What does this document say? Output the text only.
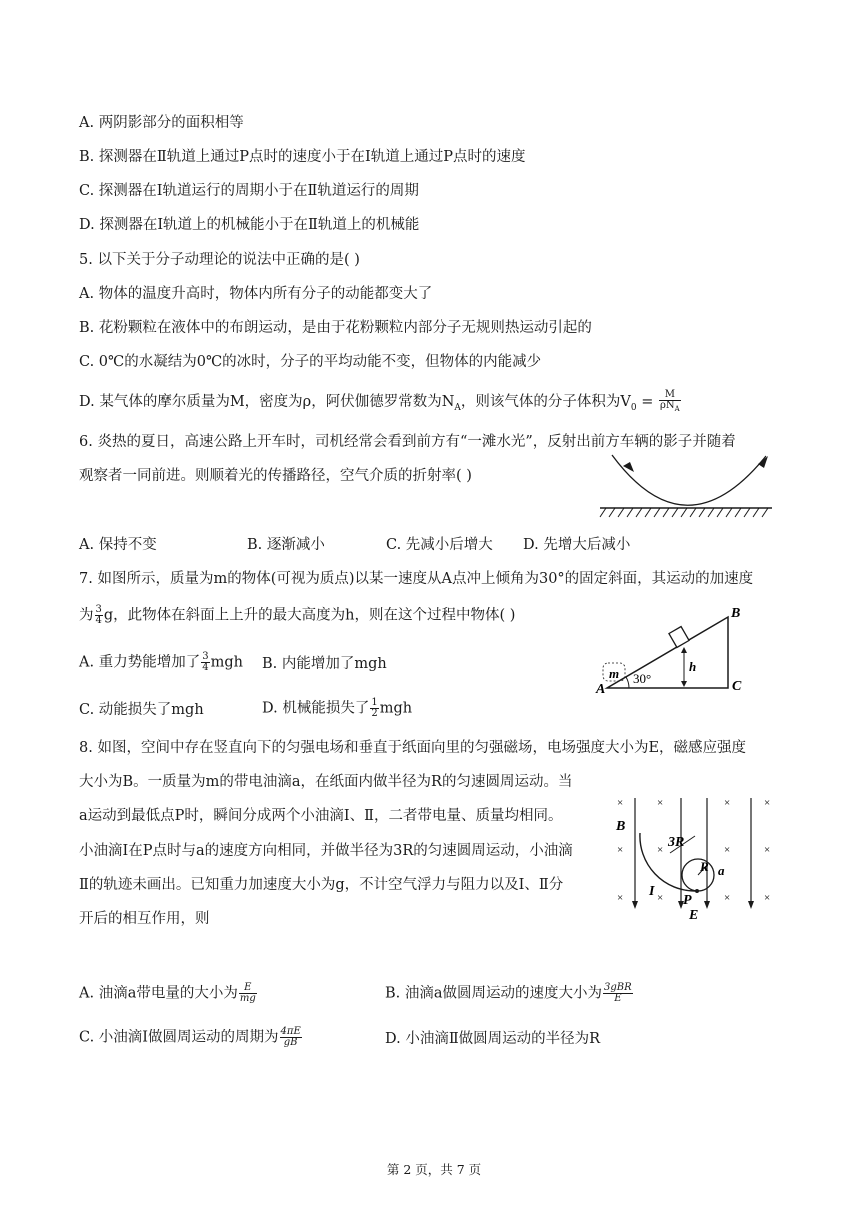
A. 两阴影部分的面积相等
B. 探测器在Ⅱ轨道上通过P点时的速度小于在Ⅰ轨道上通过P点时的速度
C. 探测器在Ⅰ轨道运行的周期小于在Ⅱ轨道运行的周期
D. 探测器在Ⅰ轨道上的机械能小于在Ⅱ轨道上的机械能
5. 以下关于分子动理论的说法中正确的是( )
A. 物体的温度升高时，物体内所有分子的动能都变大了
B. 花粉颗粒在液体中的布朗运动，是由于花粉颗粒内部分子无规则热运动引起的
C. 0℃的水凝结为0℃的冰时，分子的平均动能不变，但物体的内能减少
D. 某气体的摩尔质量为M，密度为ρ，阿伏伽德罗常数为$N_A$，则该气体的分子体积为$V_0 = \frac{M}{\rho N_A}$
6. 炎热的夏日，高速公路上开车时，司机经常会看到前方有“一滩水光”，反射出前方车辆的影子并随着
观察者一同前进。则顺着光的传播路径，空气介质的折射率( )
A. 保持不变	B. 逐渐减小	C. 先减小后增大 D. 先增大后减小
7. 如图所示，质量为m的物体(可视为质点)以某一速度从A点冲上倾角为30°的固定斜面，其运动的加速度
为 $\frac{3}{4}$ g，此物体在斜面上上升的最大高度为h，则在这个过程中物体( )
A. 重力势能增加了 $\frac{3}{4}$ mgh B. 内能增加了mgh
C. 动能损失了mgh	D. 机械能损失了 $\frac{1}{2}$ mgh
m	h
30°
B
C
A
8. 如图，空间中存在竖直向下的匀强电场和垂直于纸面向里的匀强磁场，电场强度大小为E，磁感应强度
大小为B。一质量为m的带电油滴a，在纸面内做半径为R的匀速圆周运动。当
a运动到最低点P时，瞬间分成两个小油滴Ⅰ、Ⅱ，二者带电量、质量均相同。
小油滴Ⅰ在P点时与a的速度方向相同，并做半径为3R的匀速圆周运动，小油滴
Ⅱ的轨迹未画出。已知重力加速度大小为g，不计空气浮力与阻力以及Ⅰ、Ⅱ分
开后的相互作用，则
×	×	×	×
×	×	×
×
×	×	×	×
B
3R
R a
I
P
E
A. 油滴a带电量的大小为 $\frac{E}{mg}$	B. 油滴a做圆周运动的速度大小为 $\frac{\text{3gBR}}{E}$
C. 小油滴Ⅰ做圆周运动的周期为 $\frac{4\pi E}{gB}$	D. 小油滴Ⅱ做圆周运动的半径为R
第 2 页，共 7 页
